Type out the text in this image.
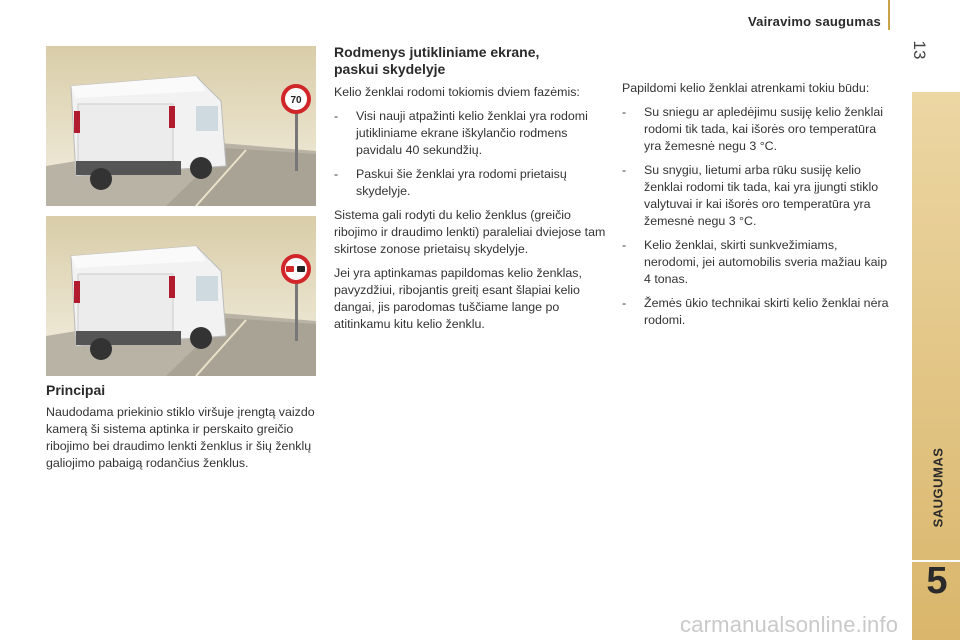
Vairavimo saugumas
13
SAUGUMAS
5
70
Principai

Naudodama priekinio stiklo viršuje įrengtą vaizdo kamerą ši sistema aptinka ir perskaito greičio ribojimo bei draudimo lenkti ženklus ir šių ženklų galiojimo pabaigą rodančius ženklus.

Rodmenys jutikliniame ekrane, paskui skydelyje

Kelio ženklai rodomi tokiomis dviem fazėmis:

- Visi nauji atpažinti kelio ženklai yra rodomi jutikliniame ekrane iškylančio rodmens pavidalu 40 sekundžių.
- Paskui šie ženklai yra rodomi prietaisų skydelyje.

Sistema gali rodyti du kelio ženklus (greičio ribojimo ir draudimo lenkti) paraleliai dviejose tam skirtose zonose prietaisų skydelyje.

Jei yra aptinkamas papildomas kelio ženklas, pavyzdžiui, ribojantis greitį esant šlapiai kelio dangai, jis parodomas tuščiame lange po atitinkamu kitu kelio ženklu.

Papildomi kelio ženklai atrenkami tokiu būdu:

- Su sniegu ar apledėjimu susiję kelio ženklai rodomi tik tada, kai išorės oro temperatūra yra žemesnė negu 3 °C.
- Su snygiu, lietumi arba rūku susiję kelio ženklai rodomi tik tada, kai yra įjungti stiklo valytuvai ir kai išorės oro temperatūra yra žemesnė negu 3 °C.
- Kelio ženklai, skirti sunkvežimiams, nerodomi, jei automobilis sveria mažiau kaip 4 tonas.
- Žemės ūkio technikai skirti kelio ženklai nėra rodomi.
carmanualsonline.info
